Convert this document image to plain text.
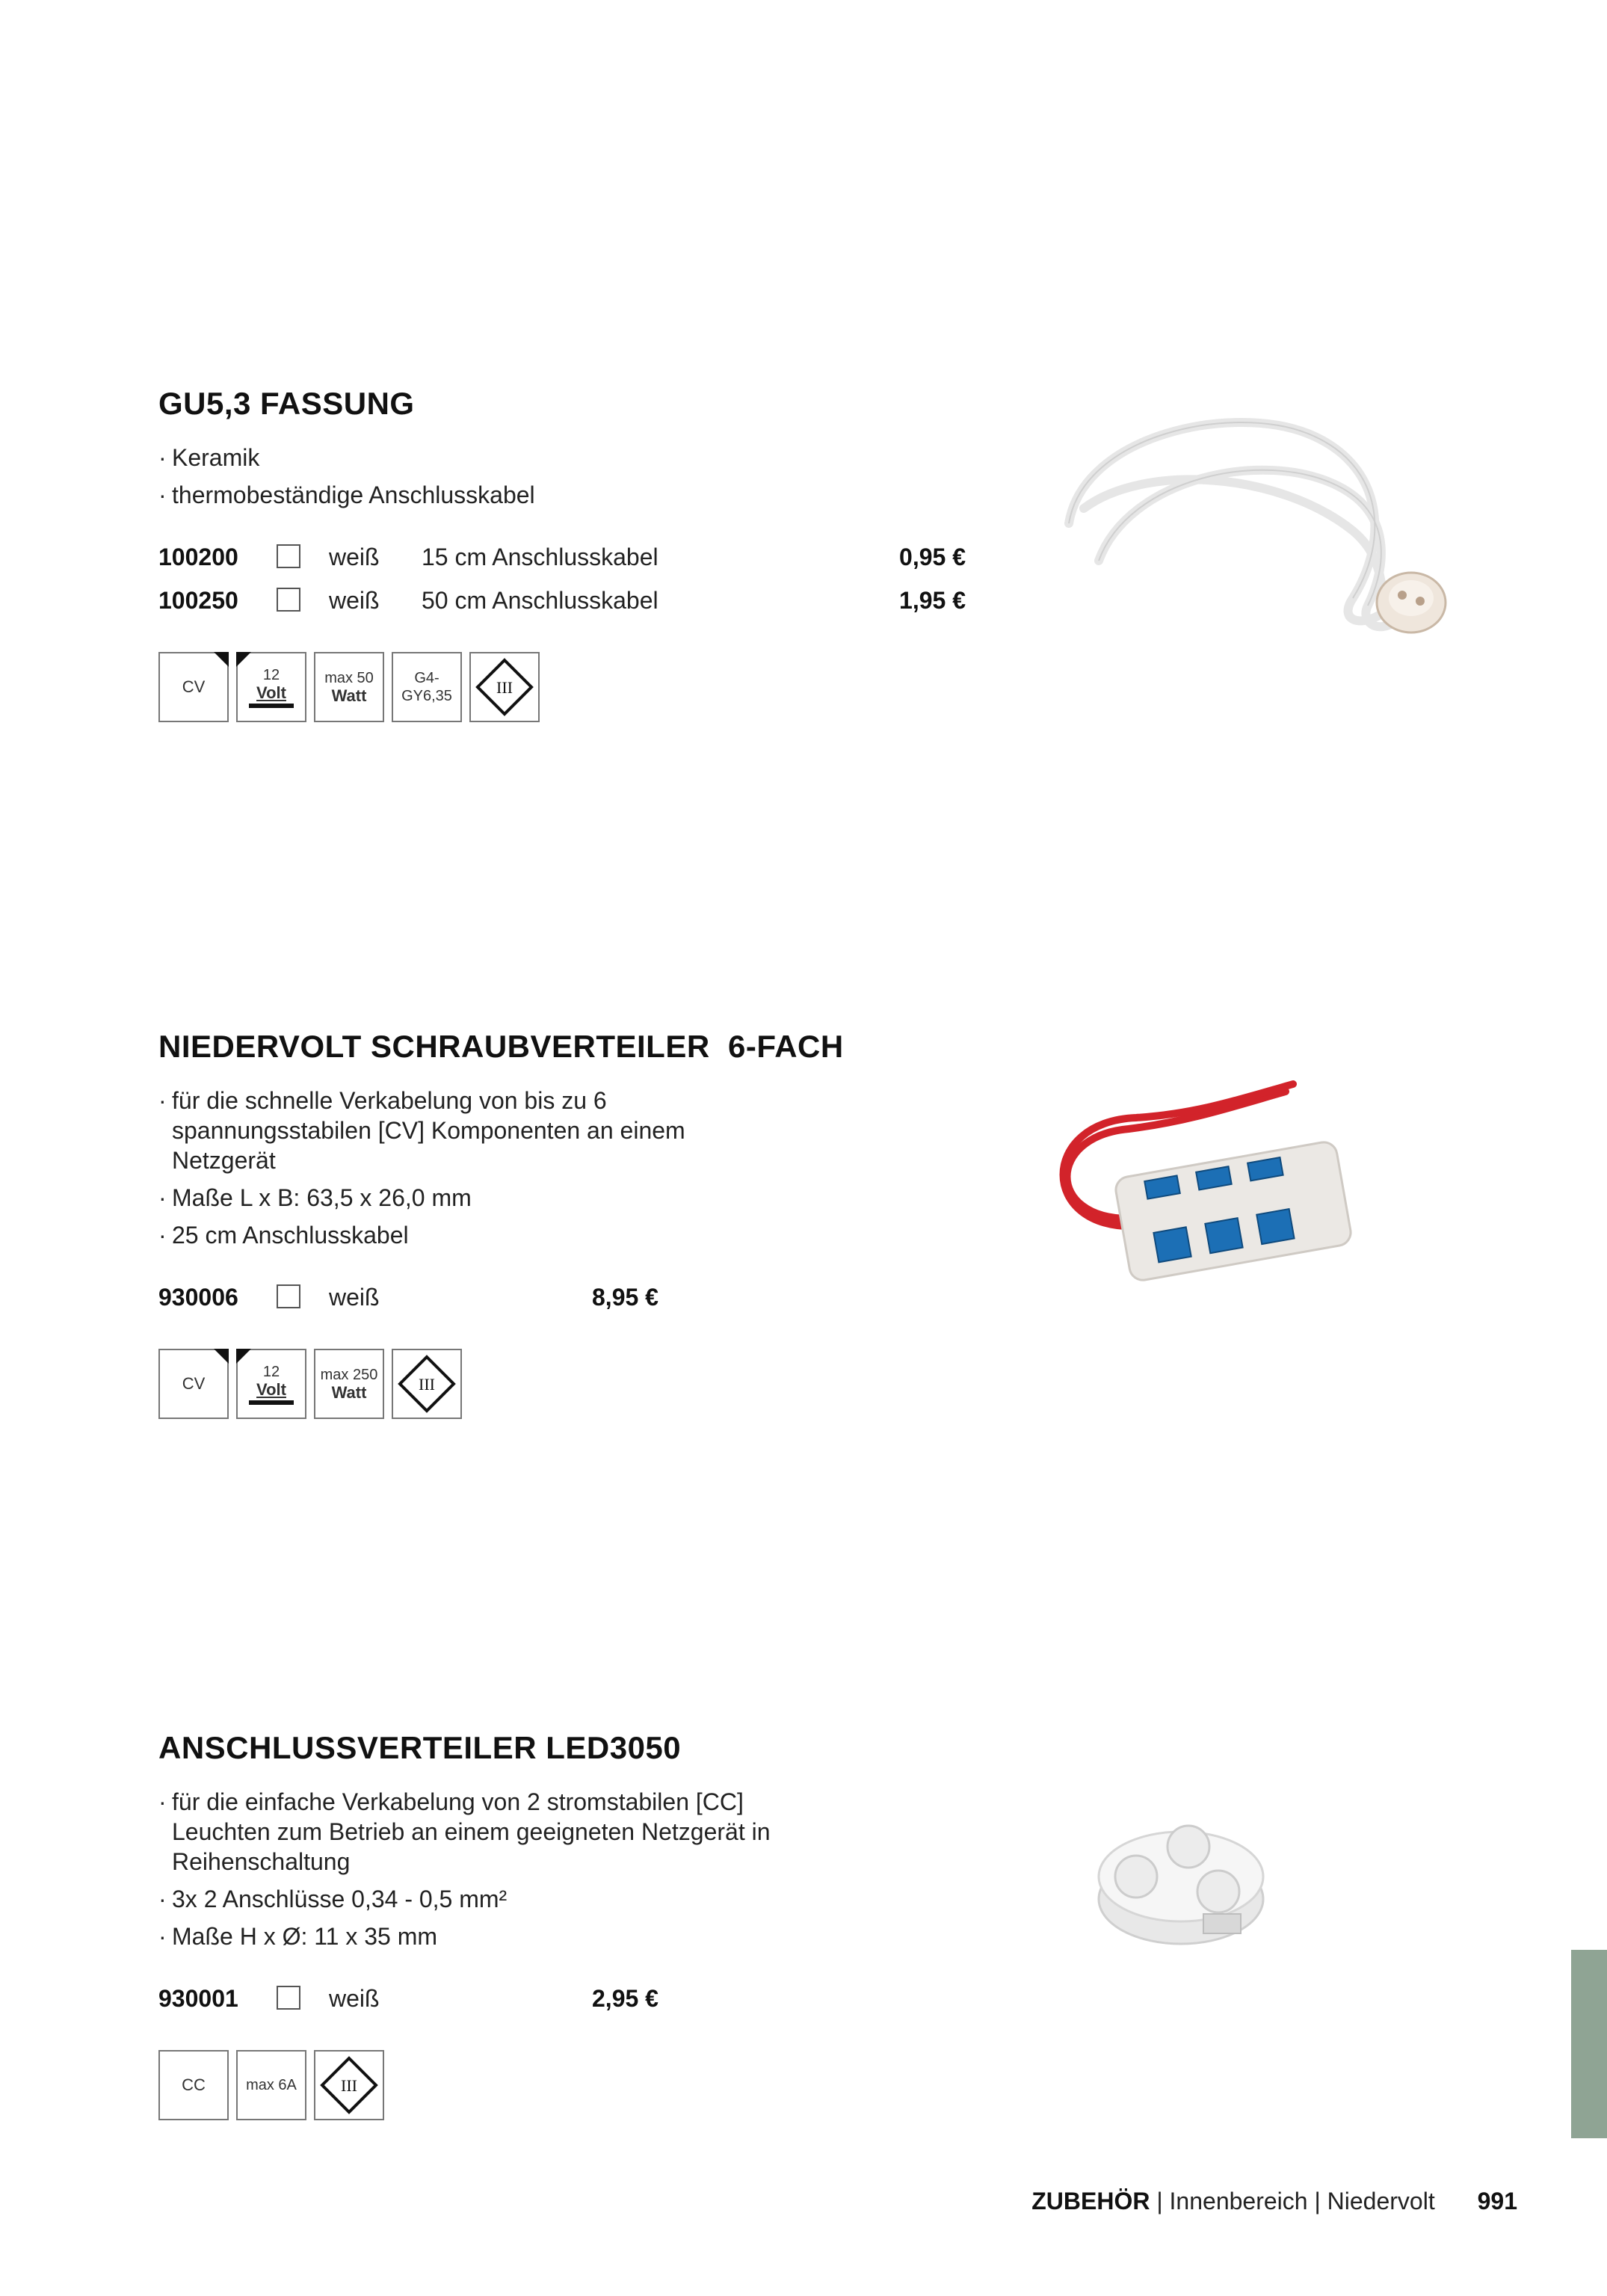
GU5,3 FASSUNG
· Keramik
· thermobeständige Anschlusskabel
100200	weiß 15 cm Anschlusskabel	0,95 €
100250	weiß 50 cm Anschlusskabel	1,95 €
CV
12
Volt
max 50
Watt
G4-
GY6,35	III
NIEDERVOLT SCHRAUBVERTEILER  6-FACH
· für die schnelle Verkabelung von bis zu 6 spannungsstabilen [CV] Komponenten an einem Netzgerät
· Maße L x B: 63,5 x 26,0 mm
· 25 cm Anschlusskabel
930006	weiß	8,95 €
CV
12
Volt
max 250
Watt	III
ANSCHLUSSVERTEILER LED3050
· für die einfache Verkabelung von 2 stromstabilen [CC] Leuchten zum Betrieb an einem geeigneten Netzgerät in Reihenschaltung
· 3x 2 Anschlüsse 0,34 - 0,5 mm²
· Maße H x Ø: 11 x 35 mm
930001	weiß	2,95 €
CC	max 6A	III
ZUBEHÖR | Innenbereich | Niedervolt 991
